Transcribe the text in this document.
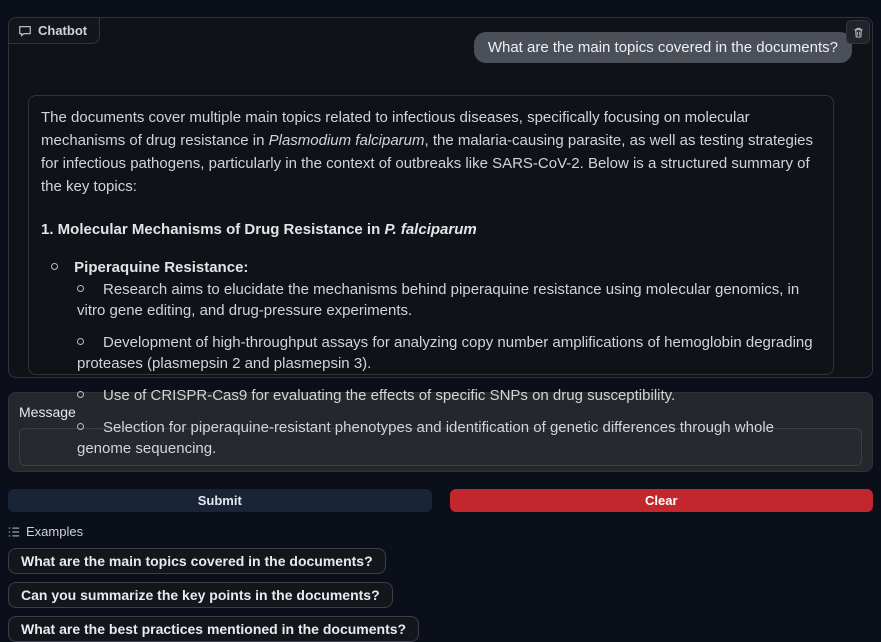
Chatbot
What are the main topics covered in the documents?

The documents cover multiple main topics related to infectious diseases, specifically focusing on molecular mechanisms of drug resistance in Plasmodium falciparum, the malaria-causing parasite, as well as testing strategies for infectious pathogens, particularly in the context of outbreaks like SARS-CoV-2. Below is a structured summary of the key topics:

1. Molecular Mechanisms of Drug Resistance in P. falciparum

Piperaquine Resistance:
Research aims to elucidate the mechanisms behind piperaquine resistance using molecular genomics, in vitro gene editing, and drug-pressure experiments.
Development of high-throughput assays for analyzing copy number amplifications of hemoglobin degrading proteases (plasmepsin 2 and plasmepsin 3).
Use of CRISPR-Cas9 for evaluating the effects of specific SNPs on drug susceptibility.
Selection for piperaquine-resistant phenotypes and identification of genetic differences through whole genome sequencing.
Message
Submit	Clear
Examples
What are the main topics covered in the documents?
Can you summarize the key points in the documents?
What are the best practices mentioned in the documents?
